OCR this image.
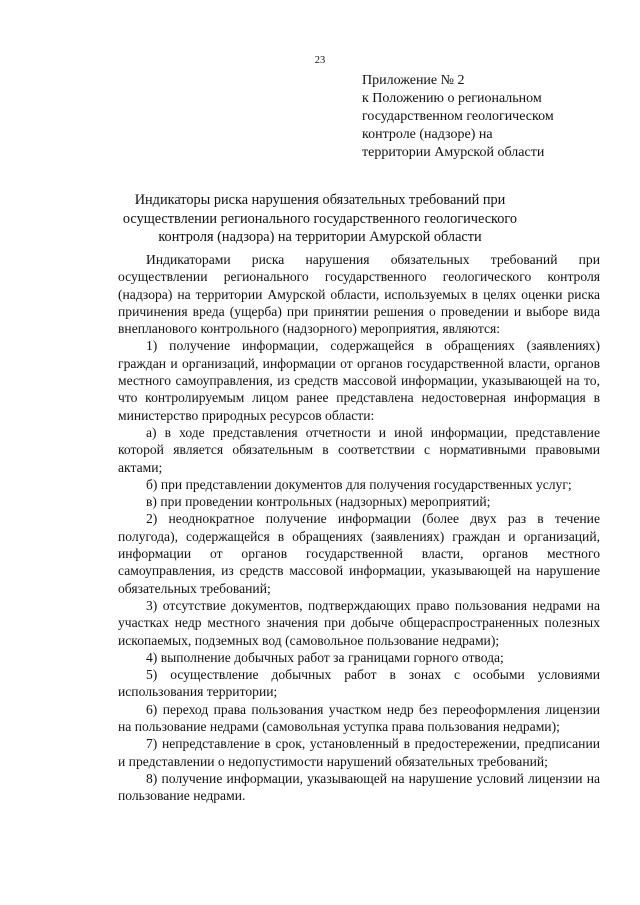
23
Приложение № 2
к Положению о региональном
государственном геологическом
контроле (надзоре) на
территории Амурской области
Индикаторы риска нарушения обязательных требований при осуществлении регионального государственного геологического контроля (надзора) на территории Амурской области

Индикаторами риска нарушения обязательных требований при осуществлении регионального государственного геологического контроля (надзора) на территории Амурской области, используемых в целях оценки риска причинения вреда (ущерба) при принятии решения о проведении и выборе вида внепланового контрольного (надзорного) мероприятия, являются:

1) получение информации, содержащейся в обращениях (заявлениях) граждан и организаций, информации от органов государственной власти, органов местного самоуправления, из средств массовой информации, указывающей на то, что контролируемым лицом ранее представлена недостоверная информация в министерство природных ресурсов области:

а) в ходе представления отчетности и иной информации, представление которой является обязательным в соответствии с нормативными правовыми актами;

б) при представлении документов для получения государственных услуг;

в) при проведении контрольных (надзорных) мероприятий;

2) неоднократное получение информации (более двух раз в течение полугода), содержащейся в обращениях (заявлениях) граждан и организаций, информации от органов государственной власти, органов местного самоуправления, из средств массовой информации, указывающей на нарушение обязательных требований;

3) отсутствие документов, подтверждающих право пользования недрами на участках недр местного значения при добыче общераспространенных полезных ископаемых, подземных вод (самовольное пользование недрами);

4) выполнение добычных работ за границами горного отвода;

5) осуществление добычных работ в зонах с особыми условиями использования территории;

6) переход права пользования участком недр без переоформления лицензии на пользование недрами (самовольная уступка права пользования недрами);

7) непредставление в срок, установленный в предостережении, предписании и представлении о недопустимости нарушений обязательных требований;

8) получение информации, указывающей на нарушение условий лицензии на пользование недрами.
